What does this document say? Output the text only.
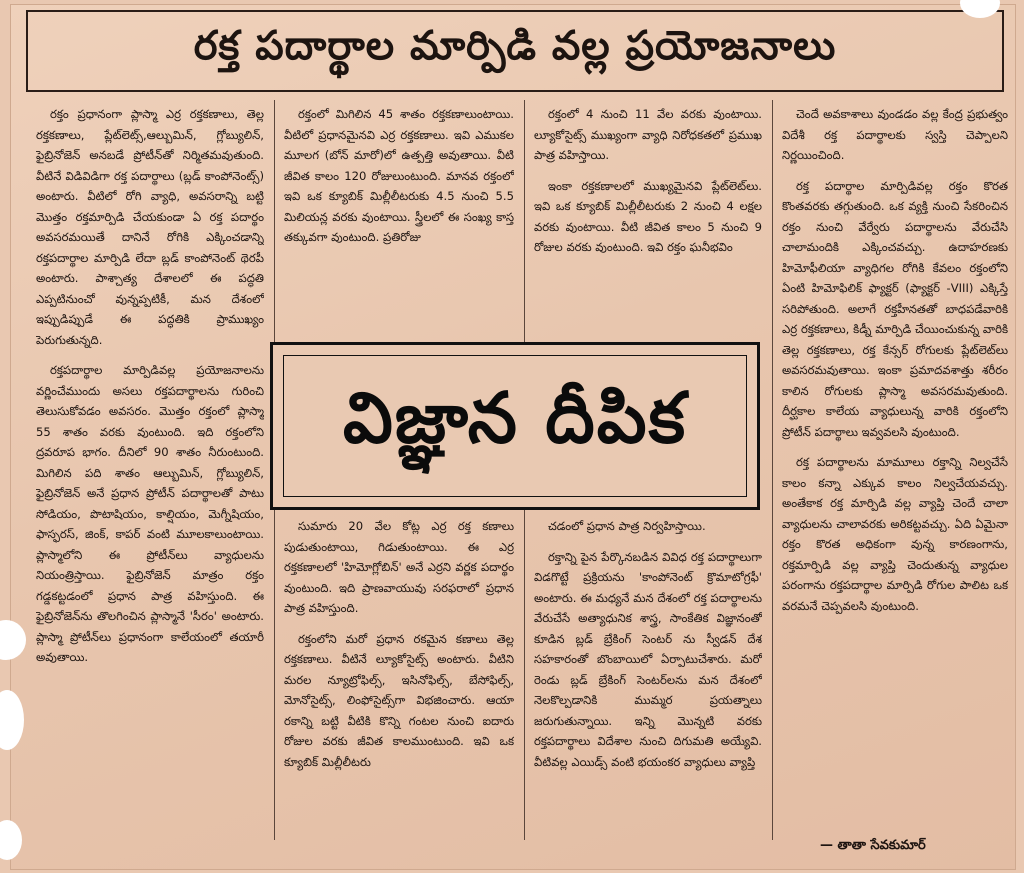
రక్త పదార్థాల మార్పిడి వల్ల ప్రయోజనాలు

రక్తం ప్రధానంగా ప్లాస్మా ఎర్ర రక్తకణాలు, తెల్ల రక్తకణాలు, ప్లేట్‌లెట్స్,ఆల్బుమిన్, గ్లోబ్యులిన్, ఫైబ్రినోజెన్ అనబడే ప్రోటీన్‌తో నిర్మితమవుతుంది. వీటినే విడివిడిగా రక్త పదార్థాలు (బ్లడ్ కాంపోనెంట్స్) అంటారు. వీటిలో రోగి వ్యాధి, అవసరాన్ని బట్టి మొత్తం రక్తమార్పిడి చేయకుండా ఏ రక్త పదార్థం అవసరమయితే దానినే రోగికి ఎక్కించడాన్ని రక్తపదార్థాల మార్పిడి లేదా బ్లడ్ కాంపోనెంట్ థెరపీ అంటారు. పాశ్చాత్య దేశాలలో ఈ పద్ధతి ఎప్పటినుంచో వున్నప్పటికీ, మన దేశంలో ఇప్పుడిప్పుడే ఈ పద్ధతికి ప్రాముఖ్యం పెరుగుతున్నది.

రక్తపదార్థాల మార్పిడివల్ల ప్రయోజనాలను వర్ణించేముందు అసలు రక్తపదార్థాలను గురించి తెలుసుకోవడం అవసరం. మొత్తం రక్తంలో ప్లాస్మా 55 శాతం వరకు వుంటుంది. ఇది రక్తంలోని ద్రవరూప భాగం. దీనిలో 90 శాతం నీరుంటుంది. మిగిలిన పది శాతం ఆల్బుమిన్, గ్లోబ్యులిన్, ఫైబ్రినోజెన్ అనే ప్రధాన ప్రోటీన్ పదార్థాలతో పాటు సోడియం, పొటాషియం, కాల్షియం, మెగ్నీషియం, ఫాస్ఫరస్, జింక్, కాపర్ వంటి మూలకాలుంటాయి. ప్లాస్మాలోని ఈ ప్రోటీన్‌లు వ్యాధులను నియంత్రిస్తాయి. ఫైబ్రినోజెన్ మాత్రం రక్తం గడ్డకట్టడంలో ప్రధాన పాత్ర వహిస్తుంది. ఈ ఫైబ్రినోజెన్‌ను తొలగించిన ప్లాస్మానే 'సీరం' అంటారు. ప్లాస్మా ప్రోటీన్‌లు ప్రధానంగా కాలేయంలో తయారీ అవుతాయి.

రక్తంలో మిగిలిన 45 శాతం రక్తకణాలుంటాయి. వీటిలో ప్రధానమైనవి ఎర్ర రక్తకణాలు. ఇవి ఎముకల మూలగ (బోన్ మారో)లో ఉత్పత్తి అవుతాయి. వీటి జీవిత కాలం 120 రోజులుంటుంది. మానవ రక్తంలో ఇవి ఒక క్యూబిక్ మిల్లీలీటరుకు 4.5 నుంచి 5.5 మిలియన్ల వరకు వుంటాయి. స్త్రీలలో ఈ సంఖ్య కాస్త తక్కువగా వుంటుంది. ప్రతిరోజు

రక్తంలో 4 నుంచి 11 వేల వరకు వుంటాయి. ల్యూకోసైట్స్ ముఖ్యంగా వ్యాధి నిరోధకతలో ప్రముఖ పాత్ర వహిస్తాయి.

ఇంకా రక్తకణాలలో ముఖ్యమైనవి ప్లేట్‌లెట్‌లు. ఇవి ఒక క్యూబిక్ మిల్లీలీటరుకు 2 నుంచి 4 లక్షల వరకు వుంటాయి. వీటి జీవిత కాలం 5 నుంచి 9 రోజుల వరకు వుంటుంది. ఇవి రక్తం ఘనీభవిం

విజ్ఞాన దీపిక

సుమారు 20 వేల కోట్ల ఎర్ర రక్త కణాలు పుడుతుంటాయి, గిడుతుంటాయి. ఈ ఎర్ర రక్తకణాలలో 'హిమోగ్లోబిన్' అనే ఎర్రని వర్ణక పదార్థం వుంటుంది. ఇది ప్రాణవాయువు సరఫరాలో ప్రధాన పాత్ర వహిస్తుంది.

రక్తంలోని మరో ప్రధాన రకమైన కణాలు తెల్ల రక్తకణాలు. వీటినే ల్యూకోసైట్స్ అంటారు. వీటిని మరల న్యూట్రోఫిల్స్, ఇసినోఫిల్స్, బేసోఫిల్స్, మోనోసైట్స్, లింఫోసైట్స్‌గా విభజించారు. ఆయా రకాన్ని బట్టి వీటికి కొన్ని గంటల నుంచి ఐదారు రోజుల వరకు జీవిత కాలముంటుంది. ఇవి ఒక క్యూబిక్ మిల్లీలీటరు

చడంలో ప్రధాన పాత్ర నిర్వహిస్తాయి.

రక్తాన్ని పైన పేర్కొనబడిన వివిధ రక్త పదార్థాలుగా విడగొట్టే ప్రక్రియను 'కాంపోనెంట్ క్రొమాటోగ్రఫీ' అంటారు. ఈ మధ్యనే మన దేశంలో రక్త పదార్థాలను వేరుచేసే అత్యాధునిక శాస్త్ర, సాంకేతిక విజ్ఞానంతో కూడిన బ్లడ్ బ్రేకింగ్ సెంటర్ ను స్వీడన్ దేశ సహకారంతో బొంబాయిలో ఏర్పాటుచేశారు. మరో రెండు బ్లడ్ బ్రేకింగ్ సెంటర్‌లను మన దేశంలో నెలకొల్పడానికి ముమ్మర ప్రయత్నాలు జరుగుతున్నాయి. ఇన్ని మొన్నటి వరకు రక్తపదార్థాలు విదేశాల నుంచి దిగుమతి అయ్యేవి. వీటివల్ల ఎయిడ్స్ వంటి భయంకర వ్యాధులు వ్యాప్తి

చెందే అవకాశాలు వుండడం వల్ల కేంద్ర ప్రభుత్వం విదేశీ రక్త పదార్థాలకు స్వస్తి చెప్పాలని నిర్ణయించింది.

రక్త పదార్థాల మార్పిడివల్ల రక్తం కొరత కొంతవరకు తగ్గుతుంది. ఒక వ్యక్తి నుంచి సేకరించిన రక్తం నుంచి వేర్వేరు పదార్థాలను వేరుచేసి చాలామందికి ఎక్కించవచ్చు. ఉదాహరణకు హిమోఫీలియా వ్యాధిగల రోగికి కేవలం రక్తంలోని ఏంటి హిమోఫిలిక్ ఫ్యాక్టర్ (ఫ్యాక్టర్ -VIII) ఎక్కిస్తే సరిపోతుంది. అలాగే రక్తహీనతతో బాధపడేవారికి ఎర్ర రక్తకణాలు, కిడ్నీ మార్పిడి చేయించుకున్న వారికి తెల్ల రక్తకణాలు, రక్త కేన్సర్ రోగులకు ప్లేట్‌లెట్‌లు అవసరమవుతాయి. ఇంకా ప్రమాదవశాత్తు శరీరం కాలిన రోగులకు ప్లాస్మా అవసరమవుతుంది. దీర్ఘకాల కాలేయ వ్యాధులున్న వారికి రక్తంలోని ప్రోటీన్ పదార్థాలు ఇవ్వవలసి వుంటుంది.

రక్త పదార్థాలను మామూలు రక్తాన్ని నిల్వచేసే కాలం కన్నా ఎక్కువ కాలం నిల్వచేయవచ్చు. అంతేకాక రక్త మార్పిడి వల్ల వ్యాప్తి చెందే చాలా వ్యాధులను చాలావరకు అరికట్టవచ్చు. ఏది ఏమైనా రక్తం కొరత అధికంగా వున్న కారణంగాను, రక్తమార్పిడి వల్ల వ్యాప్తి చెందుతున్న వ్యాధుల పరంగాను రక్తపదార్థాల మార్పిడి రోగుల పాలిట ఒక వరమనే చెప్పవలసి వుంటుంది.

— తాతా సేవకుమార్
